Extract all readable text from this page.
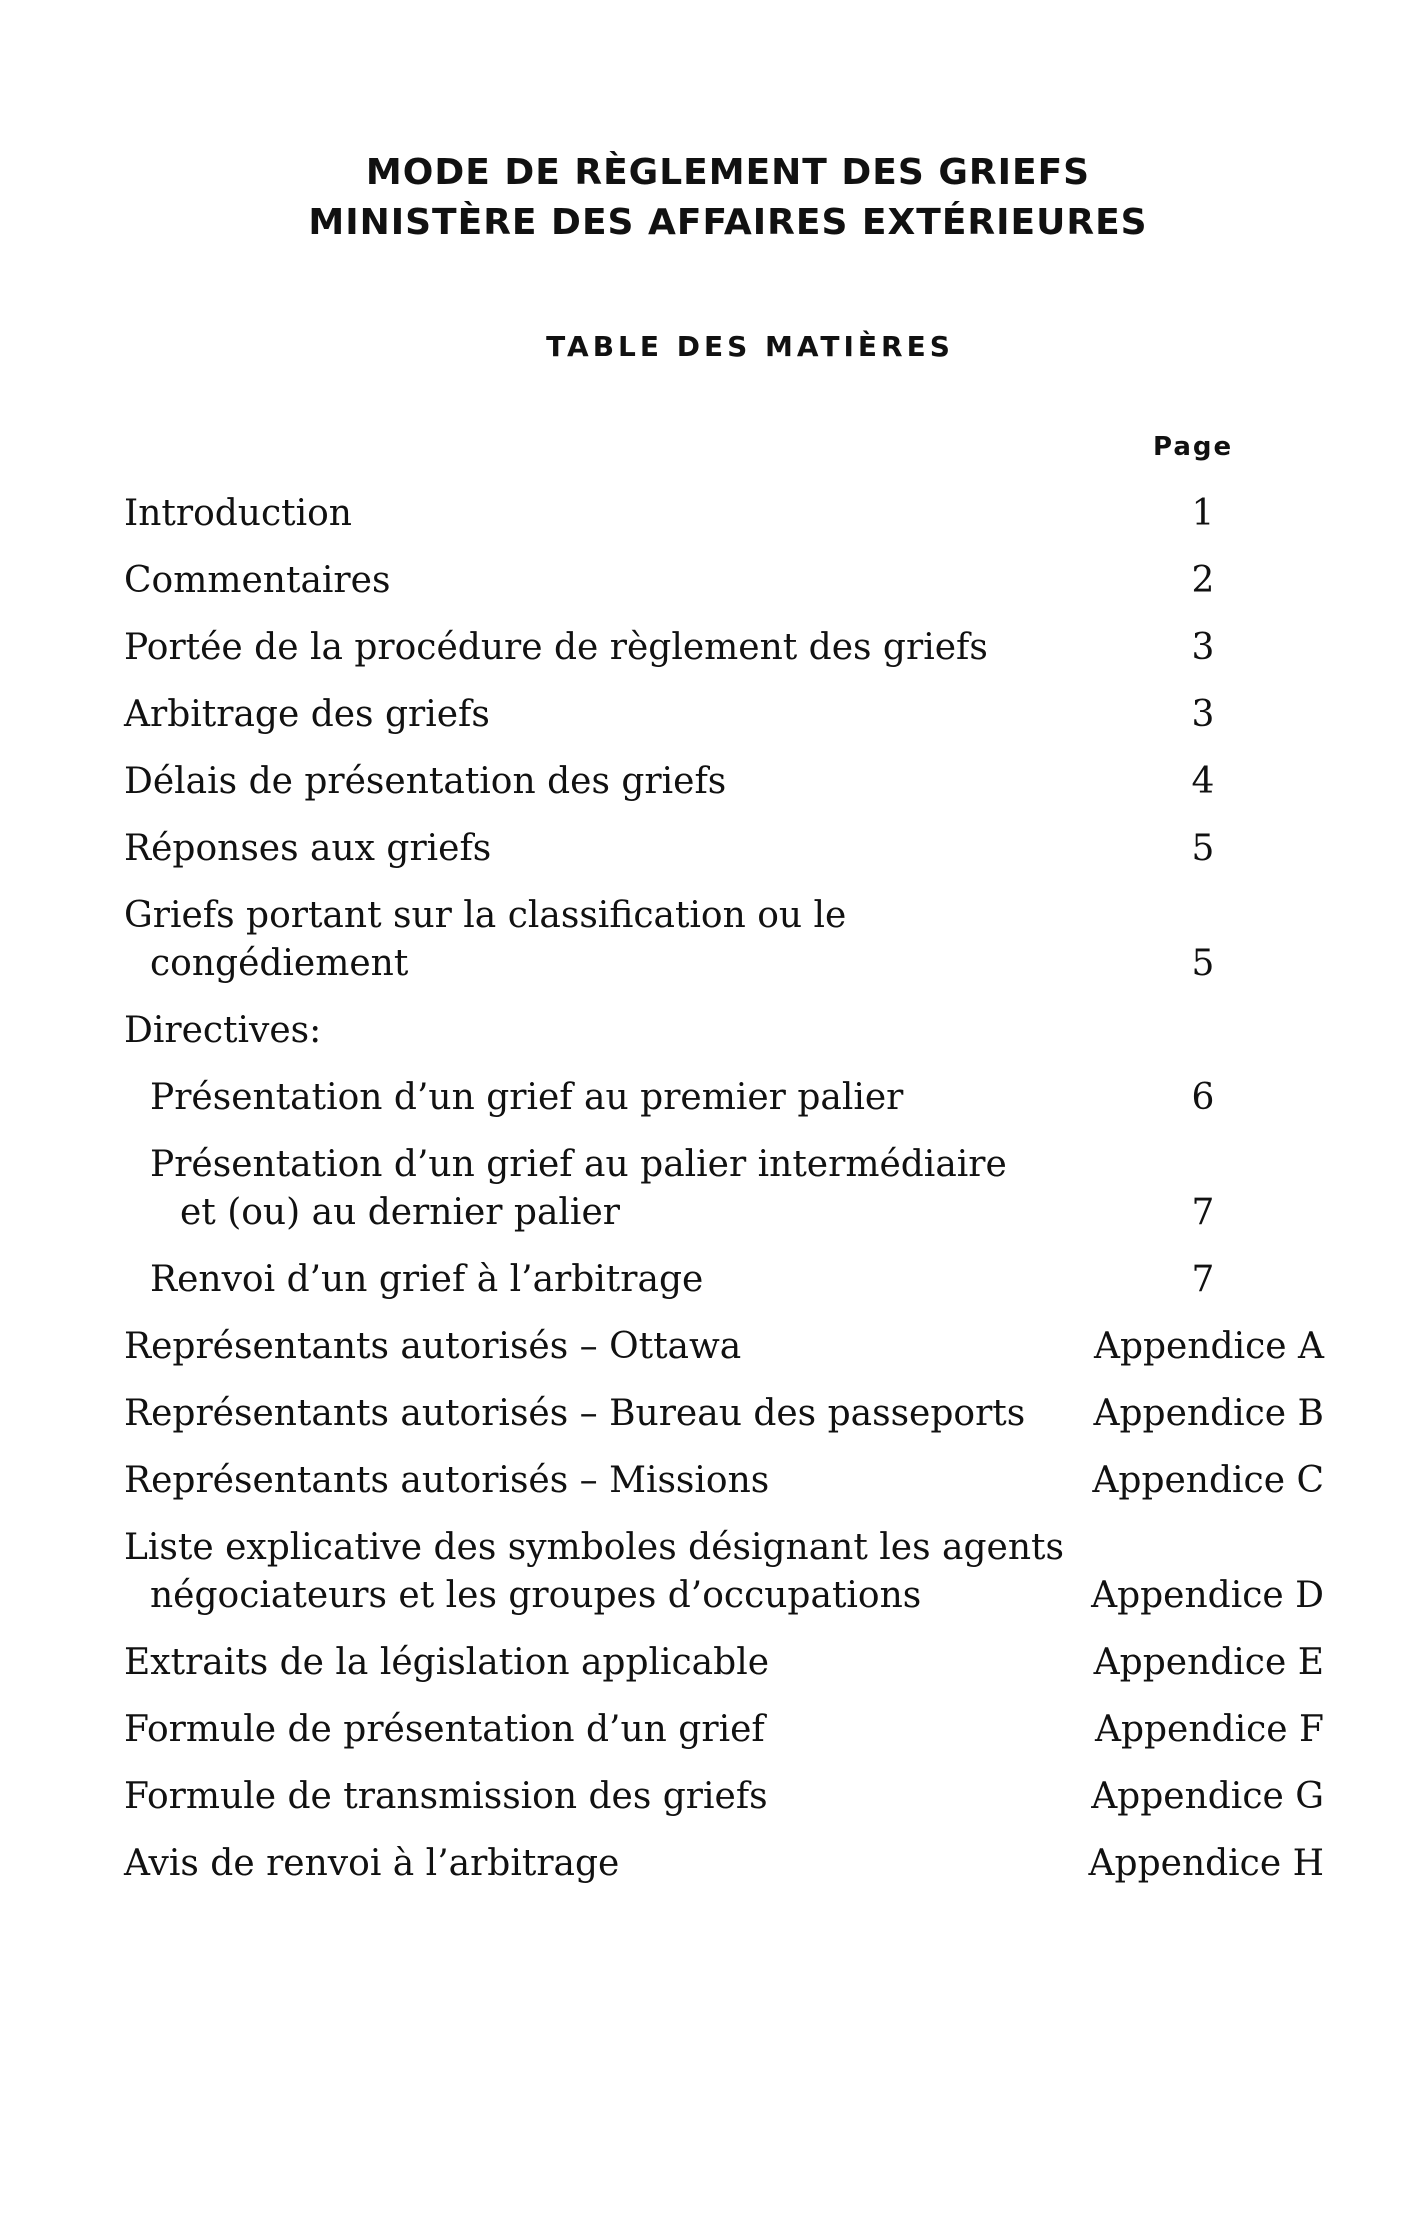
MODE DE RÈGLEMENT DES GRIEFS
MINISTÈRE DES AFFAIRES EXTÉRIEURES
TABLE DES MATIÈRES
Page
Introduction	1
Commentaires	2
Portée de la procédure de règlement des griefs	3
Arbitrage des griefs	3
Délais de présentation des griefs	4
Réponses aux griefs	5
Griefs portant sur la classification ou le
congédiement	5
Directives:
Présentation d’un grief au premier palier	6
Présentation d’un grief au palier intermédiaire
et (ou) au dernier palier	7
Renvoi d’un grief à l’arbitrage	7
Représentants autorisés – Ottawa	Appendice A
Représentants autorisés – Bureau des passeports	Appendice B
Représentants autorisés – Missions	Appendice C
Liste explicative des symboles désignant les agents
négociateurs et les groupes d’occupations	Appendice D
Extraits de la législation applicable	Appendice E
Formule de présentation d’un grief	Appendice F
Formule de transmission des griefs	Appendice G
Avis de renvoi à l’arbitrage	Appendice H
